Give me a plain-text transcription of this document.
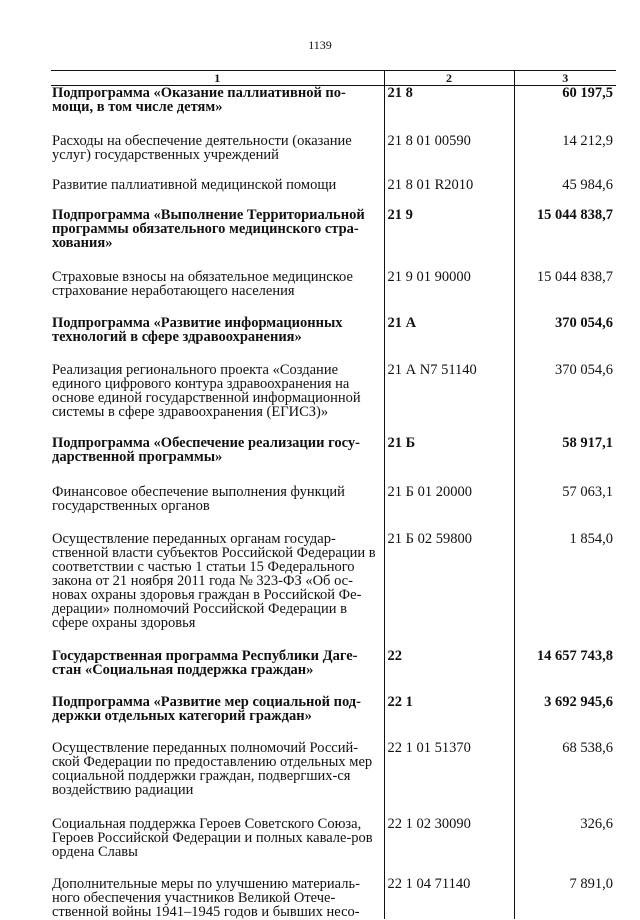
1139
1	2	3
Подпрограмма «Оказание паллиативной по-мощи, в том числе детям»	21 8	60 197,5
Расходы на обеспечение деятельности (оказание услуг) государственных учреждений	21 8 01 00590	14 212,9
Развитие паллиативной медицинской помощи	21 8 01 R2010	45 984,6
Подпрограмма «Выполнение Территориальной программы обязательного медицинского стра-хования»	21 9	15 044 838,7
Страховые взносы на обязательное медицинское страхование неработающего населения	21 9 01 90000	15 044 838,7
Подпрограмма «Развитие информационных технологий в сфере здравоохранения»	21 А	370 054,6
Реализация регионального проекта «Создание единого цифрового контура здравоохранения на основе единой государственной информационной системы в сфере здравоохранения (ЕГИСЗ)»	21 А N7 51140	370 054,6
Подпрограмма «Обеспечение реализации госу-дарственной программы»	21 Б	58 917,1
Финансовое обеспечение выполнения функций государственных органов	21 Б 01 20000	57 063,1
Осуществление переданных органам государ-ственной власти субъектов Российской Федерации в соответствии с частью 1 статьи 15 Федерального закона от 21 ноября 2011 года № 323-ФЗ «Об ос-новах охраны здоровья граждан в Российской Фе-дерации» полномочий Российской Федерации в сфере охраны здоровья	21 Б 02 59800	1 854,0
Государственная программа Республики Даге-стан «Социальная поддержка граждан»	22	14 657 743,8
Подпрограмма «Развитие мер социальной под-держки отдельных категорий граждан»	22 1	3 692 945,6
Осуществление переданных полномочий Россий-ской Федерации по предоставлению отдельных мер социальной поддержки граждан, подвергших-ся воздействию радиации	22 1 01 51370	68 538,6
Социальная поддержка Героев Советского Союза, Героев Российской Федерации и полных кавале-ров ордена Славы	22 1 02 30090	326,6
Дополнительные меры по улучшению материаль-ного обеспечения участников Великой Отече-ственной войны 1941–1945 годов и бывших несо-	22 1 04 71140	7 891,0
